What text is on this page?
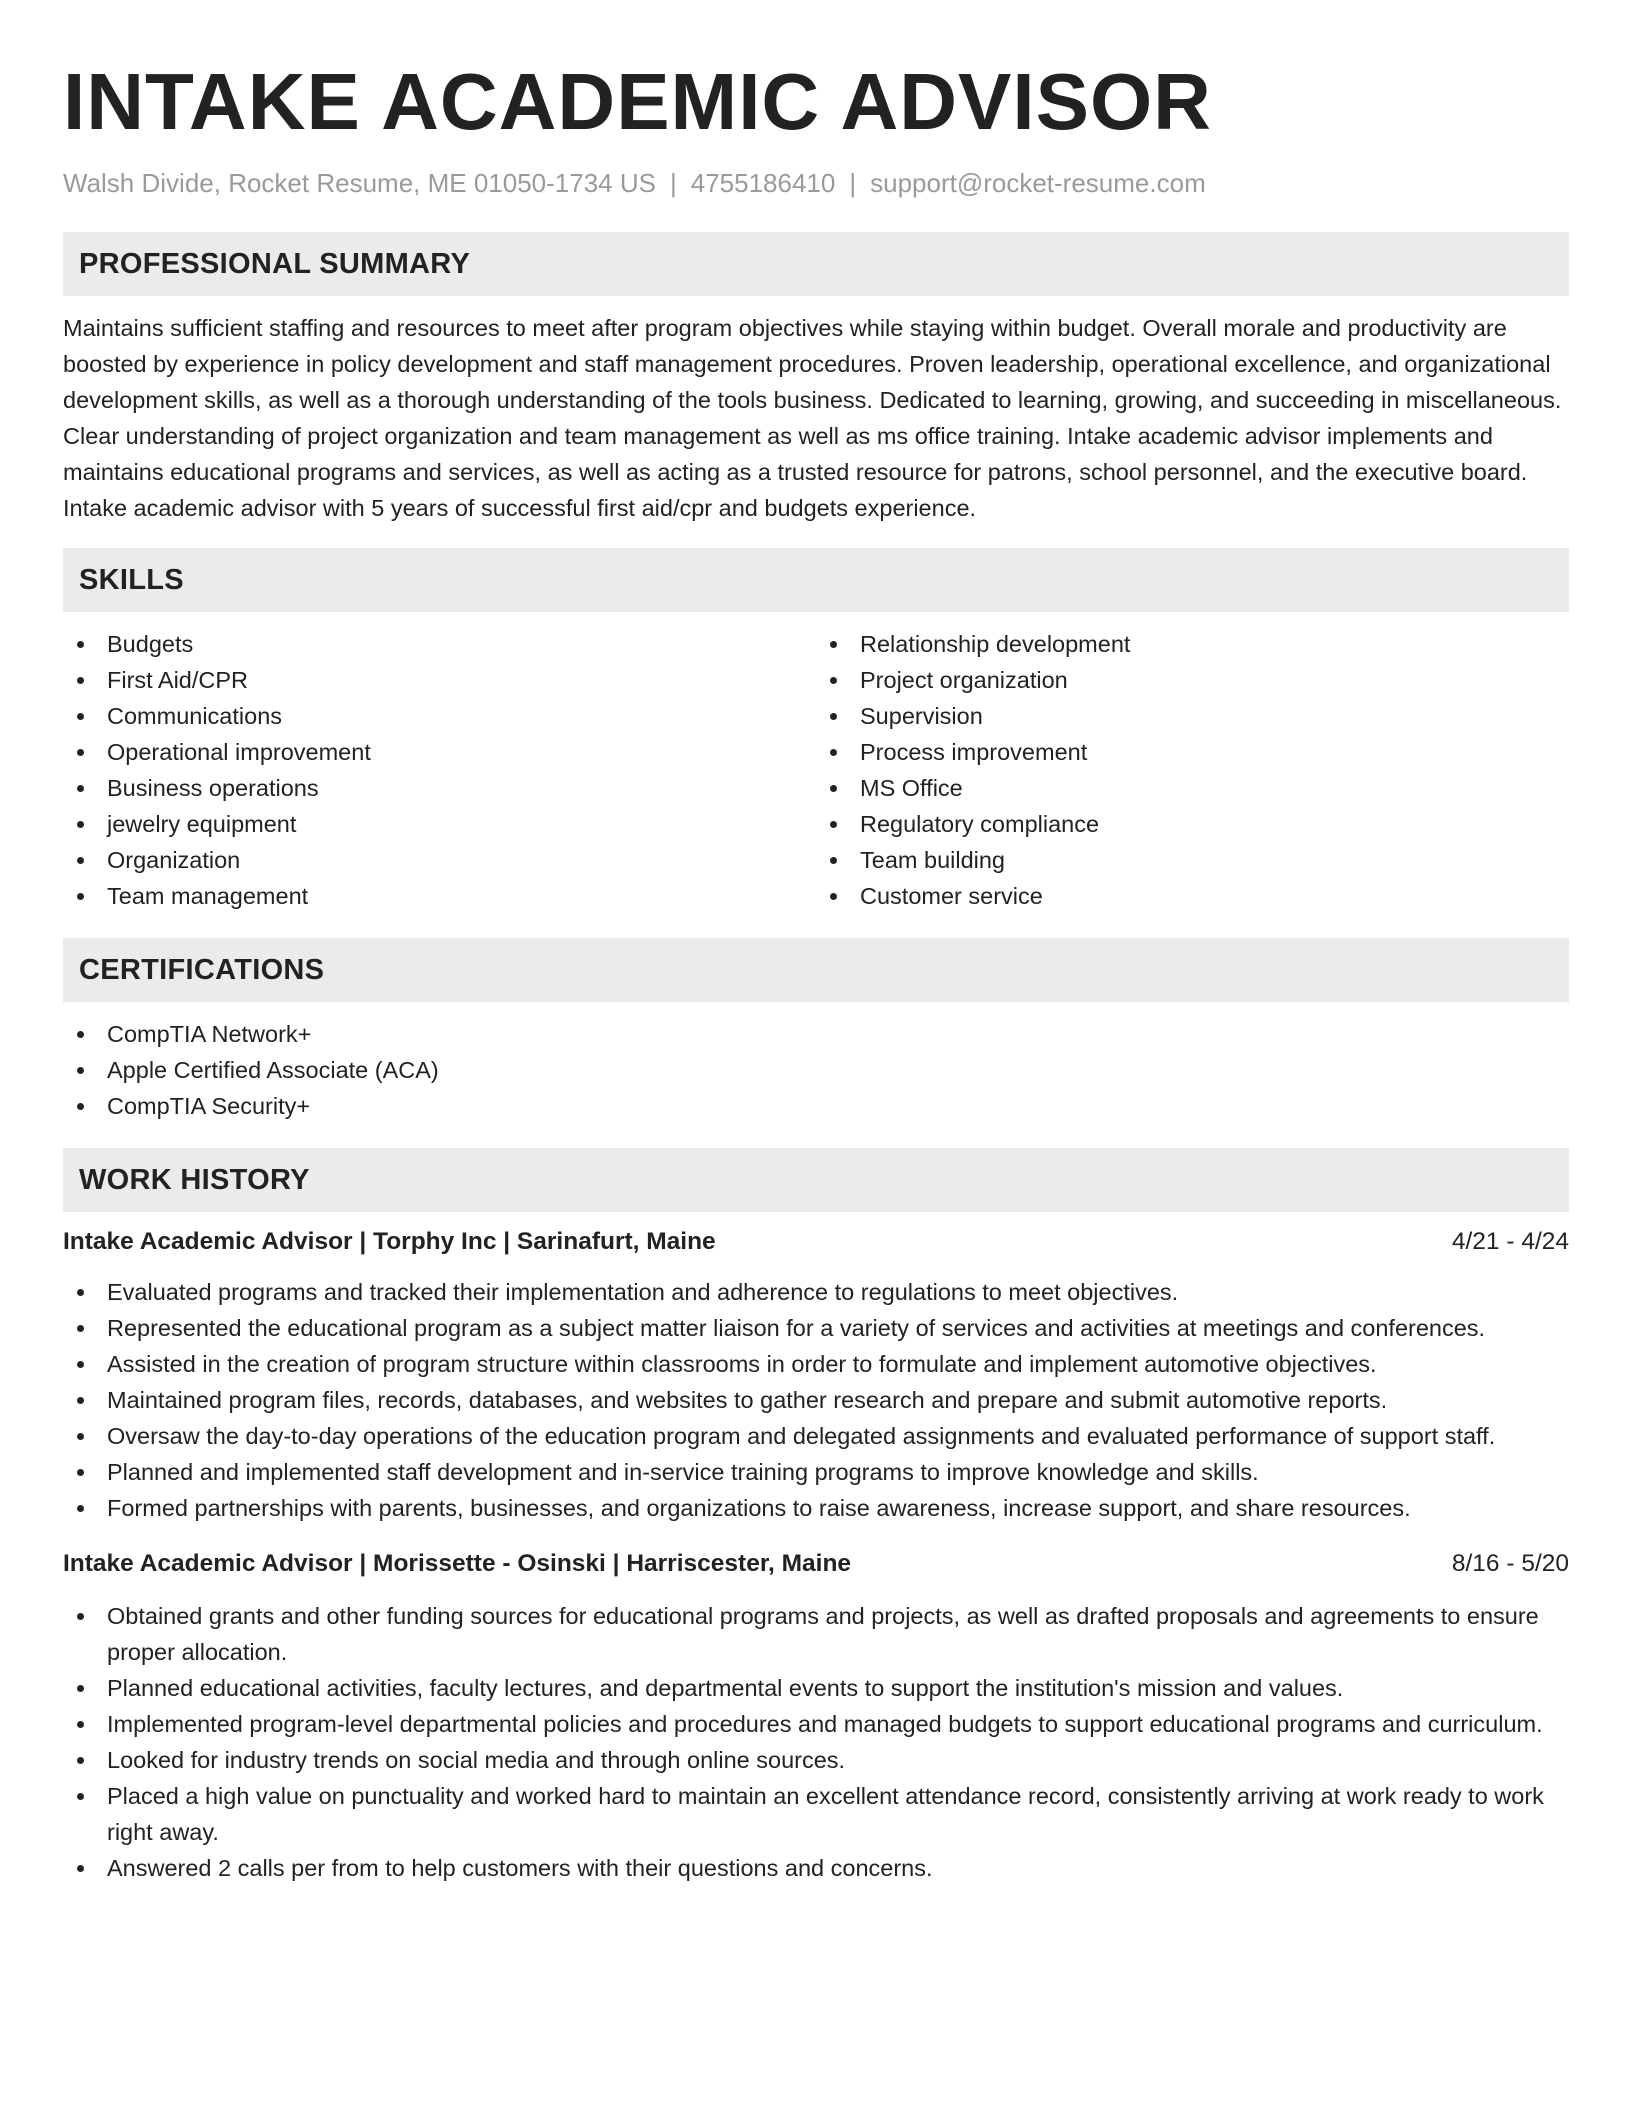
INTAKE ACADEMIC ADVISOR
Walsh Divide, Rocket Resume, ME 01050-1734 US | 4755186410 | support@rocket-resume.com
PROFESSIONAL SUMMARY

Maintains sufficient staffing and resources to meet after program objectives while staying within budget. Overall morale and productivity are boosted by experience in policy development and staff management procedures. Proven leadership, operational excellence, and organizational development skills, as well as a thorough understanding of the tools business. Dedicated to learning, growing, and succeeding in miscellaneous. Clear understanding of project organization and team management as well as ms office training. Intake academic advisor implements and maintains educational programs and services, as well as acting as a trusted resource for patrons, school personnel, and the executive board. Intake academic advisor with 5 years of successful first aid/cpr and budgets experience.

SKILLS
Budgets
First Aid/CPR
Communications
Operational improvement
Business operations
jewelry equipment
Organization
Team management
Relationship development
Project organization
Supervision
Process improvement
MS Office
Regulatory compliance
Team building
Customer service
CERTIFICATIONS
CompTIA Network+
Apple Certified Associate (ACA)
CompTIA Security+
WORK HISTORY
Intake Academic Advisor | Torphy Inc | Sarinafurt, Maine	4/21 - 4/24
Evaluated programs and tracked their implementation and adherence to regulations to meet objectives.
Represented the educational program as a subject matter liaison for a variety of services and activities at meetings and conferences.
Assisted in the creation of program structure within classrooms in order to formulate and implement automotive objectives.
Maintained program files, records, databases, and websites to gather research and prepare and submit automotive reports.
Oversaw the day-to-day operations of the education program and delegated assignments and evaluated performance of support staff.
Planned and implemented staff development and in-service training programs to improve knowledge and skills.
Formed partnerships with parents, businesses, and organizations to raise awareness, increase support, and share resources.
Intake Academic Advisor | Morissette - Osinski | Harriscester, Maine	8/16 - 5/20
Obtained grants and other funding sources for educational programs and projects, as well as drafted proposals and agreements to ensure proper allocation.
Planned educational activities, faculty lectures, and departmental events to support the institution's mission and values.
Implemented program-level departmental policies and procedures and managed budgets to support educational programs and curriculum.
Looked for industry trends on social media and through online sources.
Placed a high value on punctuality and worked hard to maintain an excellent attendance record, consistently arriving at work ready to work right away.
Answered 2 calls per from to help customers with their questions and concerns.
